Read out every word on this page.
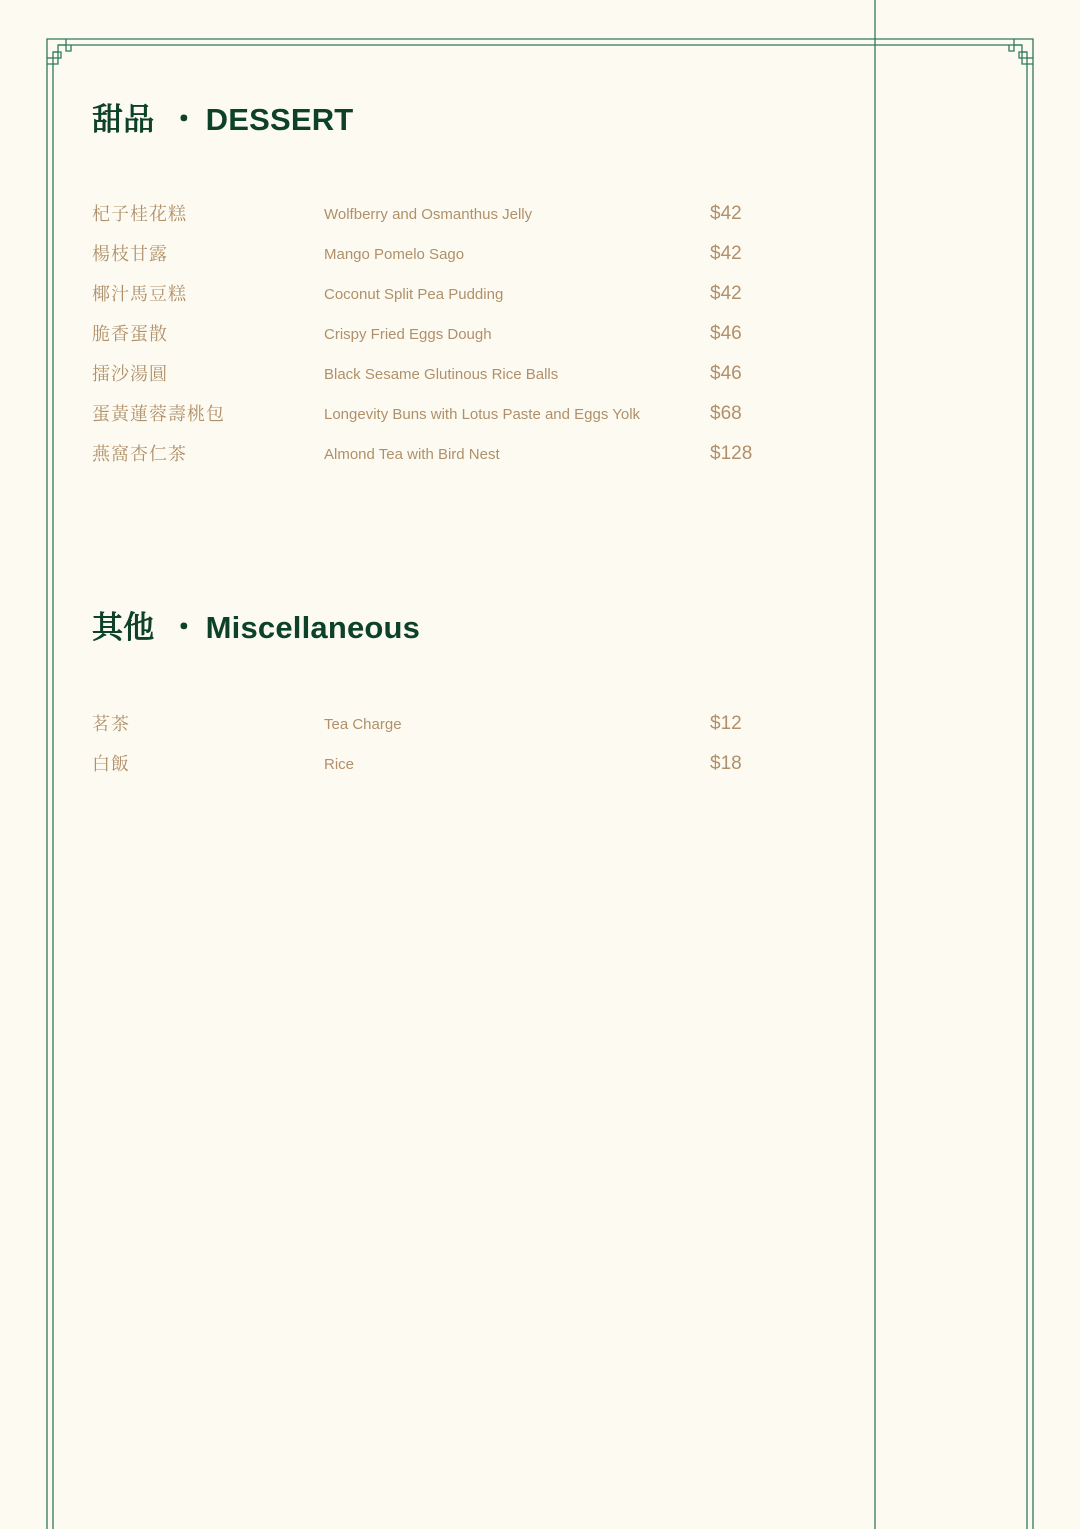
甜品 ・ DESSERT
杞子桂花糕	Wolfberry and Osmanthus Jelly	$42
楊枝甘露	Mango Pomelo Sago	$42
椰汁馬豆糕	Coconut Split Pea Pudding	$42
脆香蛋散	Crispy Fried Eggs Dough	$46
擂沙湯圓	Black Sesame Glutinous Rice Balls	$46
蛋黃蓮蓉壽桃包	Longevity Buns with Lotus Paste and Eggs Yolk	$68
燕窩杏仁茶	Almond Tea with Bird Nest	$128
其他 ・ Miscellaneous
茗茶	Tea Charge	$12
白飯	Rice	$18
